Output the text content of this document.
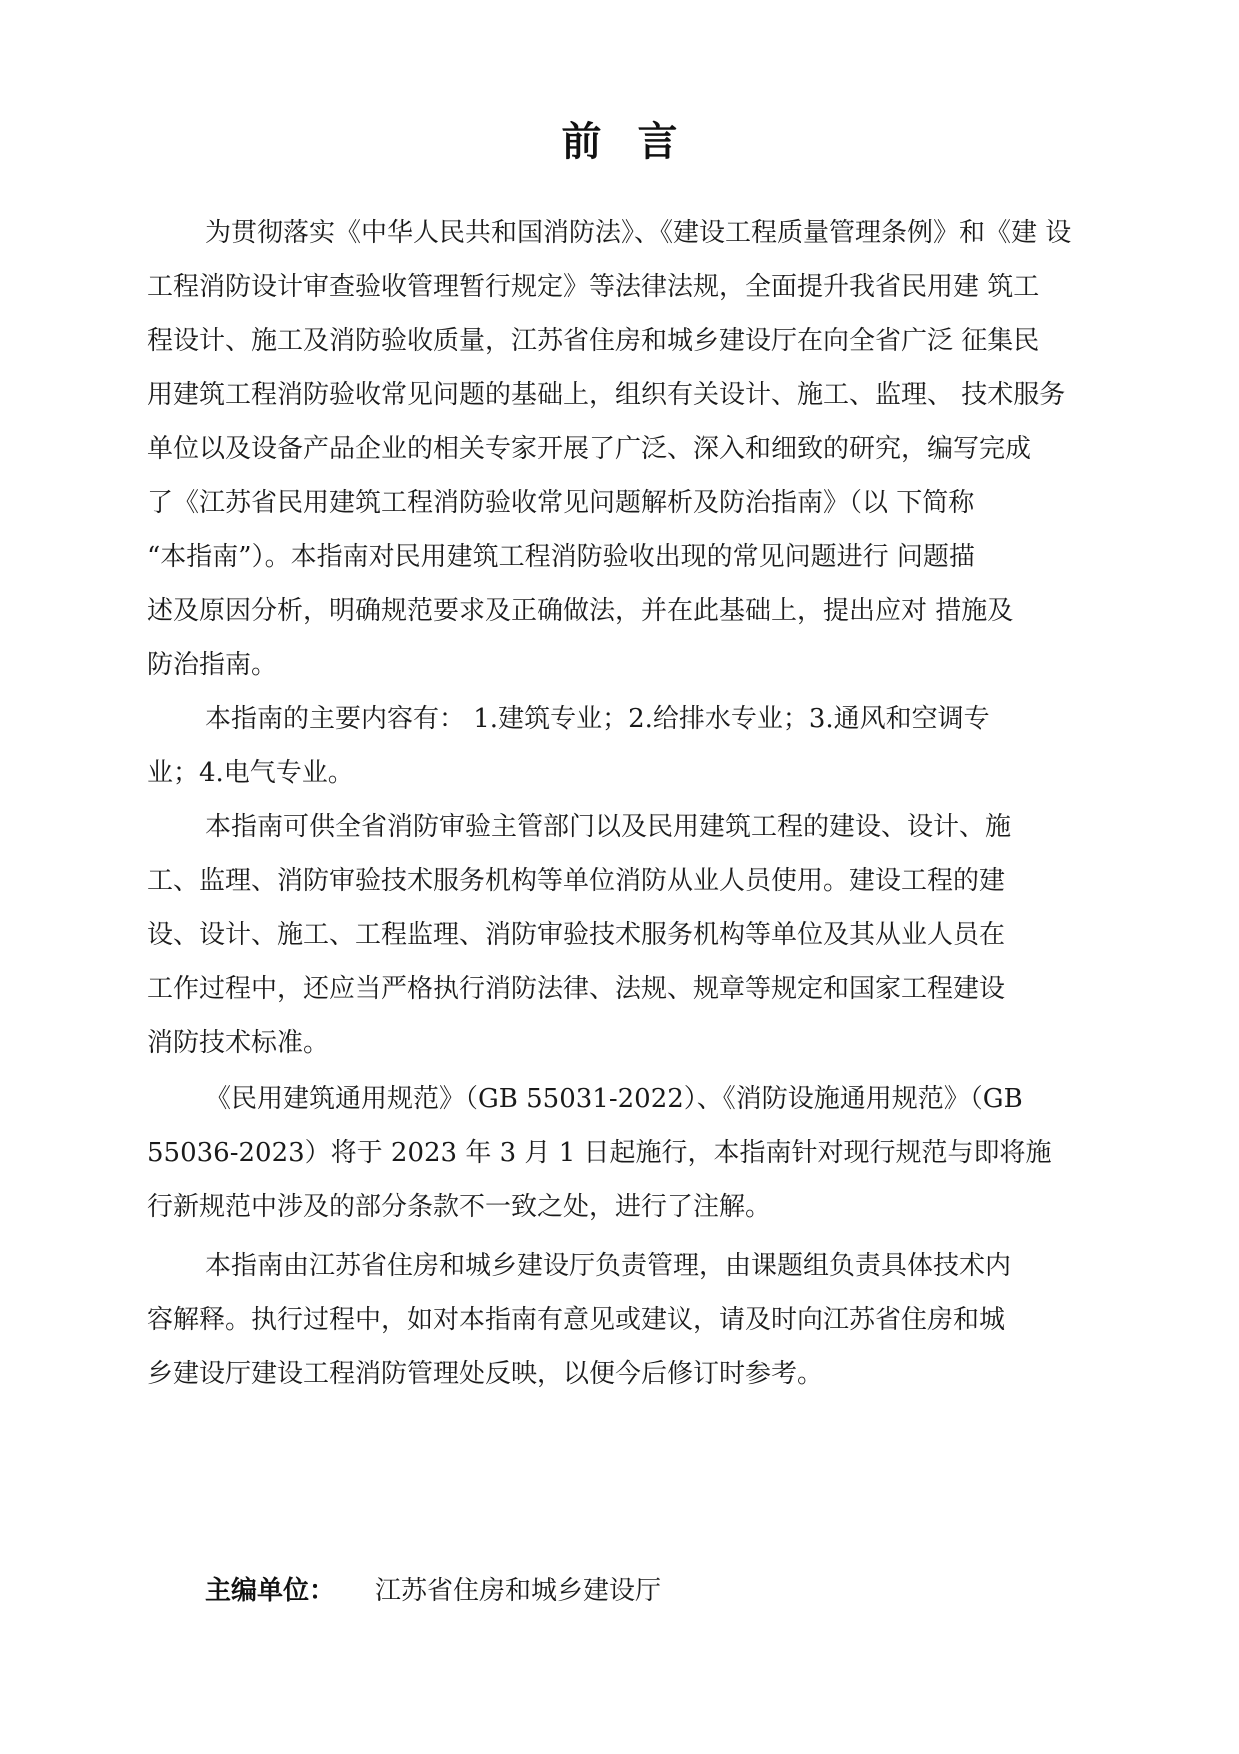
前言

为贯彻落实《中华人民共和国消防法》、《建设工程质量管理条例》和《建 设

工程消防设计审查验收管理暂行规定》等法律法规，全面提升我省民用建 筑工

程设计、施工及消防验收质量，江苏省住房和城乡建设厅在向全省广泛 征集民

用建筑工程消防验收常见问题的基础上，组织有关设计、施工、监理、 技术服务

单位以及设备产品企业的相关专家开展了广泛、深入和细致的研究，编写完成

了《江苏省民用建筑工程消防验收常见问题解析及防治指南》（以 下简称

“本指南”）。本指南对民用建筑工程消防验收出现的常见问题进行 问题描

述及原因分析，明确规范要求及正确做法，并在此基础上，提出应对 措施及

防治指南。

本指南的主要内容有： 1.建筑专业；2.给排水专业；3.通风和空调专

业；4.电气专业。

本指南可供全省消防审验主管部门以及民用建筑工程的建设、设计、施

工、监理、消防审验技术服务机构等单位消防从业人员使用。建设工程的建

设、设计、施工、工程监理、消防审验技术服务机构等单位及其从业人员在

工作过程中，还应当严格执行消防法律、法规、规章等规定和国家工程建设

消防技术标准。

《民用建筑通用规范》（GB 55031-2022）、《消防设施通用规范》（GB

55036-2023）将于 2023 年 3 月 1 日起施行，本指南针对现行规范与即将施

行新规范中涉及的部分条款不一致之处，进行了注解。

本指南由江苏省住房和城乡建设厅负责管理，由课题组负责具体技术内

容解释。执行过程中，如对本指南有意见或建议，请及时向江苏省住房和城

乡建设厅建设工程消防管理处反映，以便今后修订时参考。

主编单位： 江苏省住房和城乡建设厅
